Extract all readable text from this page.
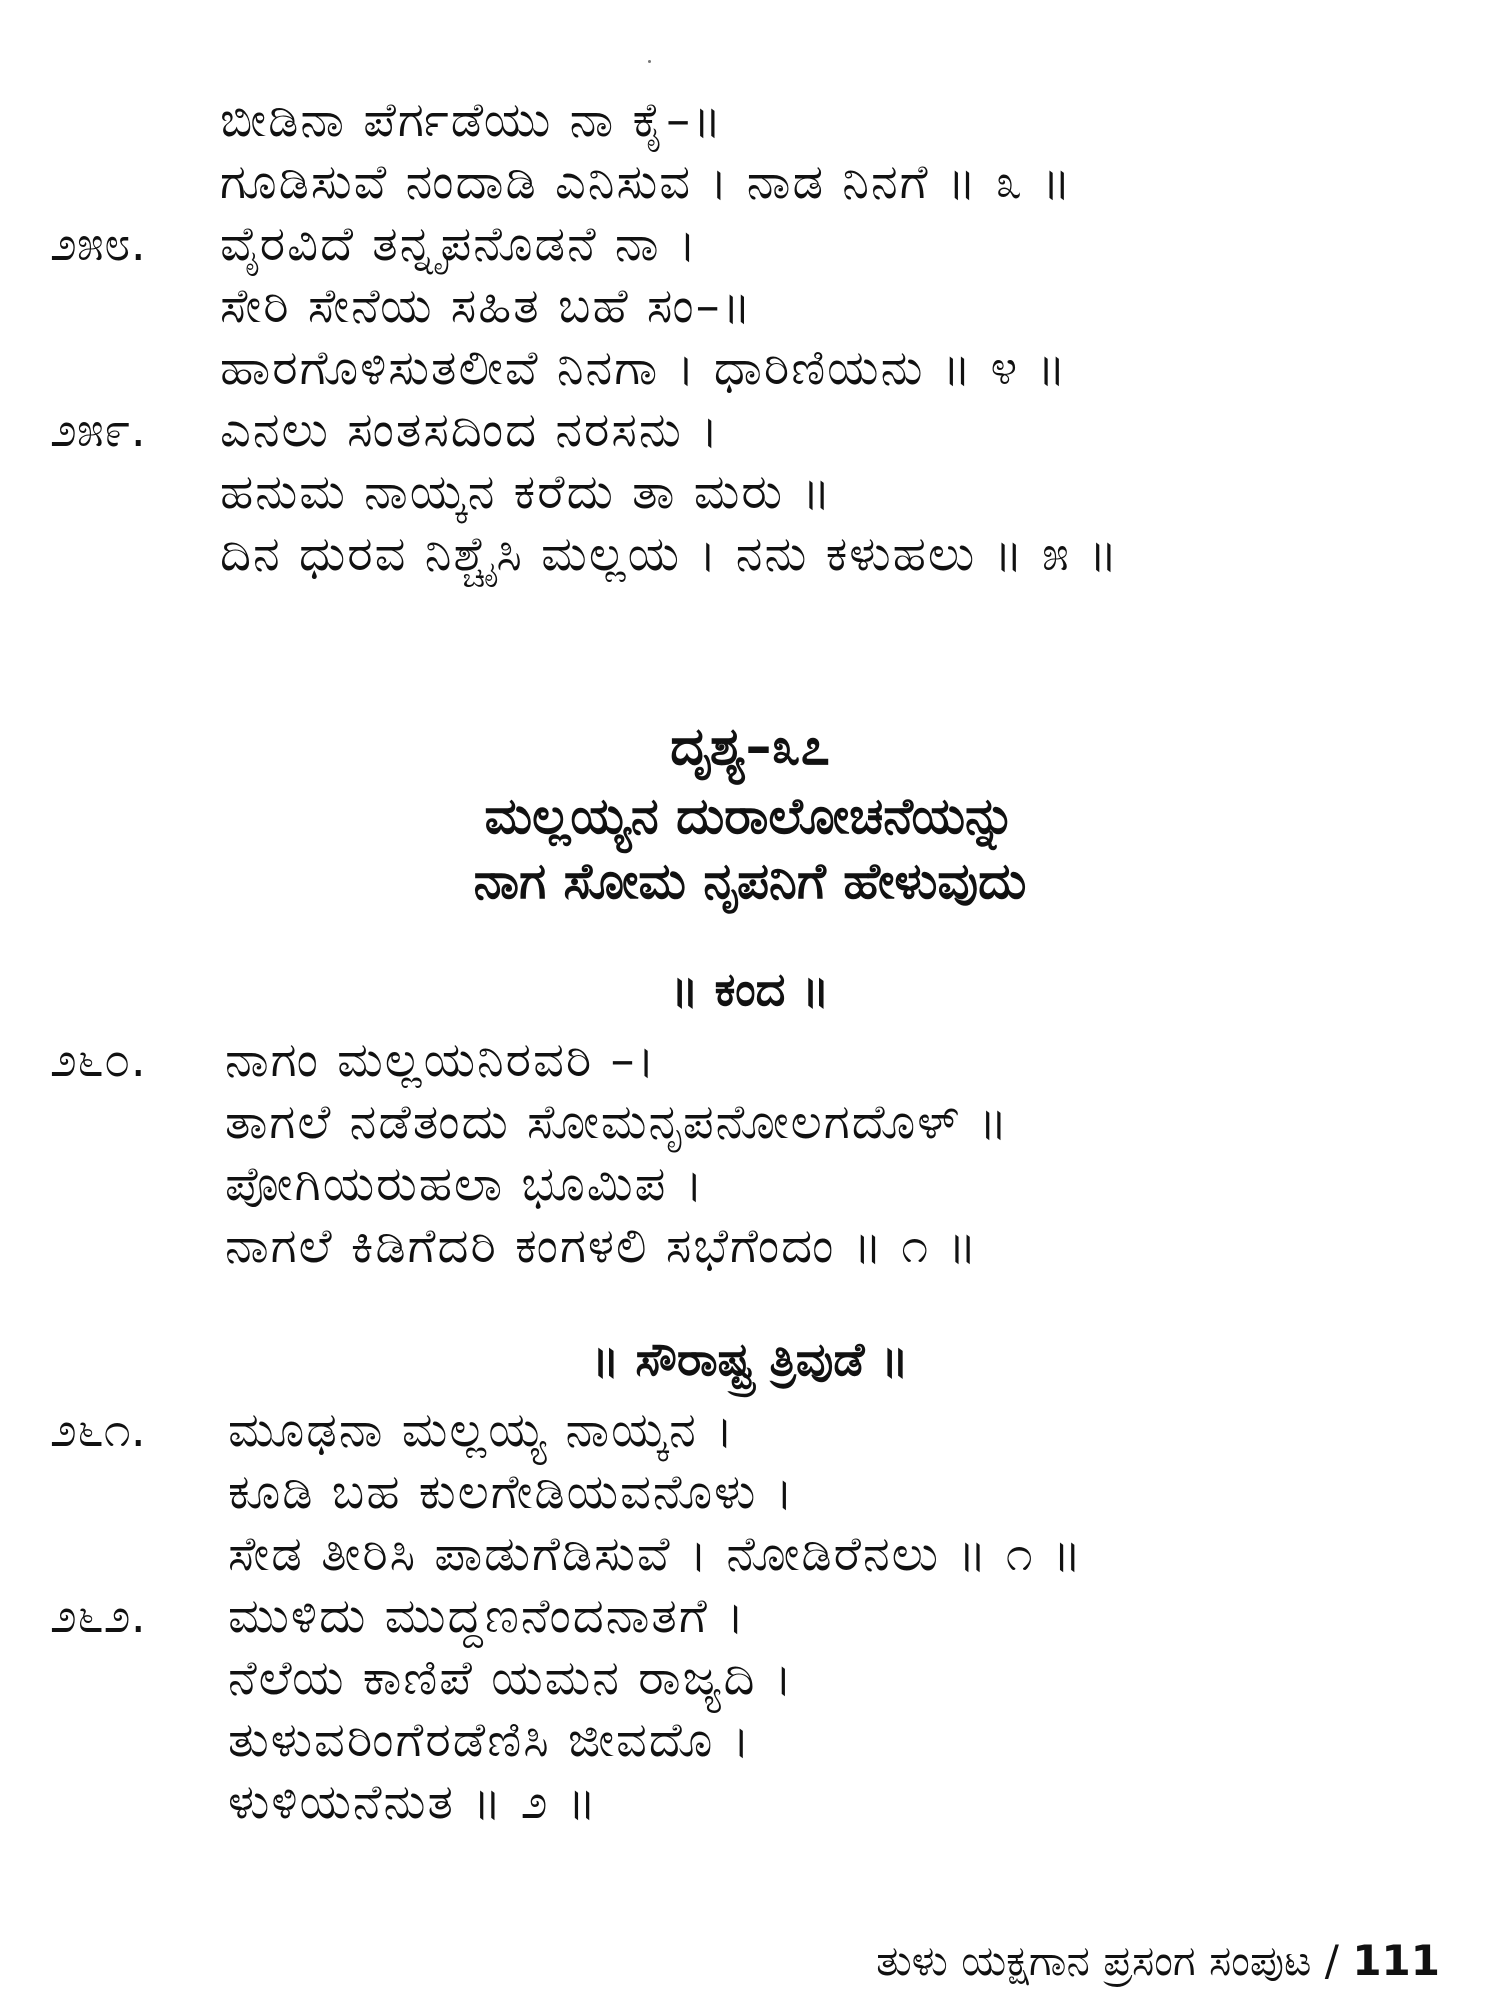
ಬೀಡಿನಾ ಪೆರ್ಗಡೆಯು ನಾ ಕೈ–॥
ಗೂಡಿಸುವೆ ನಂದಾಡಿ ಎನಿಸುವ । ನಾಡ ನಿನಗೆ ॥ ೩ ॥
೨೫೮. ವೈರವಿದೆ ತನ್ನೃಪನೊಡನೆ ನಾ ।
ಸೇರಿ ಸೇನೆಯ ಸಹಿತ ಬಹೆ ಸಂ–॥
ಹಾರಗೊಳಿಸುತಲೀವೆ ನಿನಗಾ । ಧಾರಿಣಿಯನು ॥ ೪ ॥
೨೫೯. ಎನಲು ಸಂತಸದಿಂದ ನರಸನು ।
ಹನುಮ ನಾಯ್ಕನ ಕರೆದು ತಾ ಮರು ॥
ದಿನ ಧುರವ ನಿಶ್ಚೈಸಿ ಮಲ್ಲಯ । ನನು ಕಳುಹಲು ॥ ೫ ॥
ದೃಶ್ಯ–೩೭
ಮಲ್ಲಯ್ಯನ ದುರಾಲೋಚನೆಯನ್ನು
ನಾಗ ಸೋಮ ನೃಪನಿಗೆ ಹೇಳುವುದು
॥ ಕಂದ ॥
೨೬೦. ನಾಗಂ ಮಲ್ಲಯನಿರವರಿ –।
ತಾಗಲೆ ನಡೆತಂದು ಸೋಮನೃಪನೋಲಗದೊಳ್ ॥
ಪೋಗಿಯರುಹಲಾ ಭೂಮಿಪ ।
ನಾಗಲೆ ಕಿಡಿಗೆದರಿ ಕಂಗಳಲಿ ಸಭೆಗೆಂದಂ ॥ ೧ ॥
॥ ಸೌರಾಷ್ಟ್ರ ತ್ರಿವುಡೆ ॥
೨೬೧. ಮೂಢನಾ ಮಲ್ಲಯ್ಯ ನಾಯ್ಕನ ।
ಕೂಡಿ ಬಹ ಕುಲಗೇಡಿಯವನೊಳು ।
ಸೇಡ ತೀರಿಸಿ ಪಾಡುಗೆಡಿಸುವೆ । ನೋಡಿರೆನಲು ॥ ೧ ॥
೨೬೨. ಮುಳಿದು ಮುದ್ದಣನೆಂದನಾತಗೆ ।
ನೆಲೆಯ ಕಾಣಿಪೆ ಯಮನ ರಾಜ್ಯದಿ ।
ತುಳುವರಿಂಗೆರಡೆಣಿಸಿ ಜೀವದೊ ।
ಳುಳಿಯನೆನುತ ॥ ೨ ॥
ತುಳು ಯಕ್ಷಗಾನ ಪ್ರಸಂಗ ಸಂಪುಟ / 111
